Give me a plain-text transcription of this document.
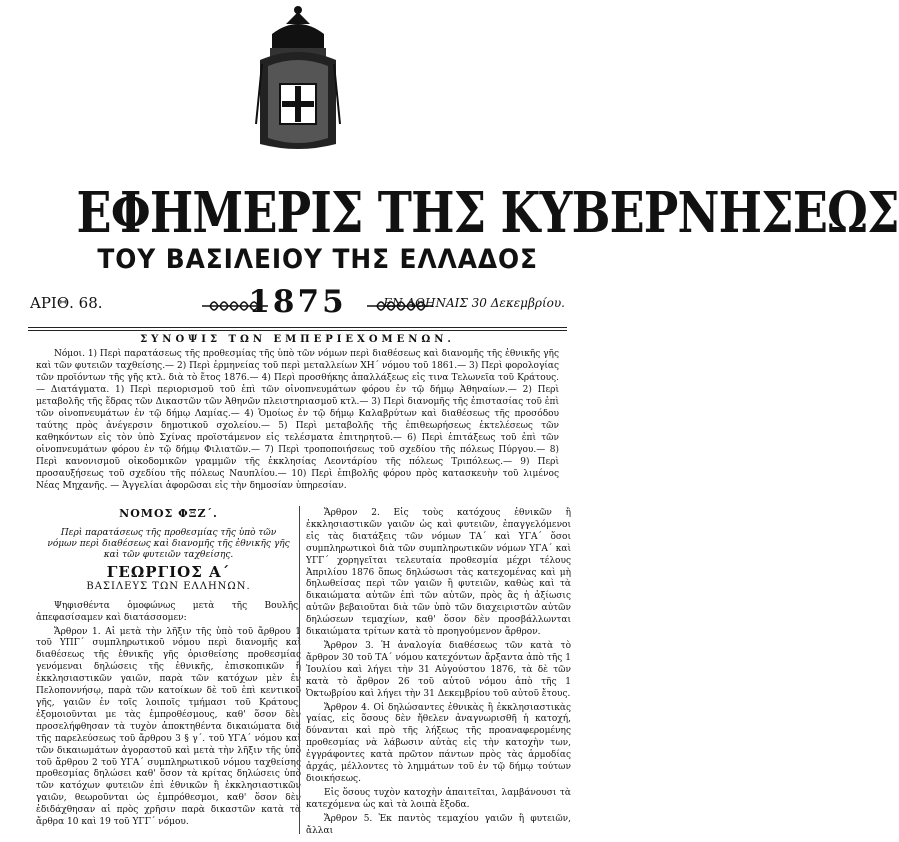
ΕΦΗΜΕΡΙΣ ΤΗΣ ΚΥΒΕΡΝΗΣΕΩΣ
ΤΟΥ ΒΑΣΙΛΕΙΟΥ ΤΗΣ ΕΛΛΑΔΟΣ
ΑΡΙΘ. 68.	1875	ΕΝ ΑΘΗΝΑΙΣ 30 Δεκεμβρίου.
ΣΥΝΟΨΙΣ ΤΩΝ ΕΜΠΕΡΙΕΧΟΜΕΝΩΝ.
Νόμοι. 1) Περὶ παρατάσεως τῆς προθεσμίας τῆς ὑπὸ τῶν νόμων περὶ διαθέσεως καὶ διανομῆς τῆς ἐθνικῆς γῆς καὶ τῶν φυτειῶν ταχθείσης.— 2) Περὶ ἐρμηνείας τοῦ περὶ μεταλλείων ΧΗ΄ νόμου τοῦ 1861.— 3) Περὶ φορολογίας τῶν προϊόντων τῆς γῆς κτλ. διὰ τὸ ἔτος 1876.— 4) Περὶ προσθήκης ἀπαλλάξεως εἰς τινα Τελωνεῖα τοῦ Κράτους. — Διατάγματα. 1) Περὶ περιορισμοῦ τοῦ ἐπὶ τῶν οἰνοπνευμάτων φόρου ἐν τῷ δήμῳ Ἀθηναίων.— 2) Περὶ μεταβολῆς τῆς ἕδρας τῶν Δικαστῶν τῶν Ἀθηνῶν πλειστηριασμοῦ κτλ.— 3) Περὶ διανομῆς τῆς ἐπιστασίας τοῦ ἐπὶ τῶν οἰνοπνευμάτων ἐν τῷ δήμῳ Λαμίας.— 4) Ὁμοίως ἐν τῷ δήμῳ Καλαβρύτων καὶ διαθέσεως τῆς προσόδου ταύτης πρὸς ἀνέγερσιν δημοτικοῦ σχολείου.— 5) Περὶ μεταβολῆς τῆς ἐπιθεωρήσεως ἐκτελέσεως τῶν καθηκόντων εἰς τὸν ὑπὸ Σχίνας προϊστάμενον εἰς τελέσματα ἐπιτηρητοῦ.— 6) Περὶ ἐπιτάξεως τοῦ ἐπὶ τῶν οἰνοπνευμάτων φόρου ἐν τῷ δήμῳ Φιλιατῶν.— 7) Περὶ τροποποιήσεως τοῦ σχεδίου τῆς πόλεως Πύργου.— 8) Περὶ κανονισμοῦ οἰκοδομικῶν γραμμῶν τῆς ἐκκλησίας Λεοντάρίου τῆς πόλεως Τριπόλεως.— 9) Περὶ προσαυξήσεως τοῦ σχεδίου τῆς πόλεως Ναυπλίου.— 10) Περὶ ἐπιβολῆς φόρου πρὸς κατασκευὴν τοῦ λιμένος Νέας Μηχανῆς. — Ἀγγελίαι ἀφορῶσαι εἰς τὴν δημοσίαν ὑπηρεσίαν.
ΝΟΜΟΣ ΦΞΖ΄.
Περὶ παρατάσεως τῆς προθεσμίας τῆς ὑπὸ τῶν νόμων περὶ διαθέσεως καὶ διανομῆς τῆς ἐθνικῆς γῆς καὶ τῶν φυτειῶν ταχθείσης.
ΓΕΩΡΓΙΟΣ Α΄
ΒΑΣΙΛΕΥΣ ΤΩΝ ΕΛΛΗΝΩΝ.

Ψηφισθέντα ὁμοφώνως μετὰ τῆς Βουλῆς, ἀπεφασίσαμεν καὶ διατάσσομεν:

Ἄρθρον 1. Αἱ μετὰ τὴν λῆξιν τῆς ὑπὸ τοῦ ἄρθρου 1 τοῦ ΥΠΓ΄ συμπληρωτικοῦ νόμου περὶ διανομῆς καὶ διαθέσεως τῆς ἐθνικῆς γῆς ὁρισθείσης προθεσμίας γενόμεναι δηλώσεις τῆς ἐθνικῆς, ἐπισκοπικῶν ἢ ἐκκλησιαστικῶν γαιῶν, παρὰ τῶν κατόχων μὲν ἐν Πελοποννήσῳ, παρὰ τῶν κατοίκων δὲ τοῦ ἐπὶ κεντικοῦ γῆς, γαιῶν ἐν τοῖς λοιποῖς τμήμασι τοῦ Κράτους, ἐξομοιοῦνται με τὰς ἐμπροθέσμους, καθ' ὅσον δὲν προσελήφθησαν τὰ τυχὸν ἀποκτηθέντα δικαιώματα διὰ τῆς παρελεύσεως τοῦ ἄρθρου 3 § γ΄. τοῦ ΥΓΑ΄ νόμου καὶ τῶν δικαιωμάτων ἀγοραστοῦ καὶ μετὰ τὴν λῆξιν τῆς ὑπὸ τοῦ ἄρθρου 2 τοῦ ΥΓΑ΄ συμπληρωτικοῦ νόμου ταχθείσης προθεσμίας δηλώσει καθ' ὅσον τὰ κρίτας δηλώσεις ὑπὸ τῶν κατόχων φυτειῶν ἐπὶ ἐθνικῶν ἢ ἐκκλησιαστικῶν γαιῶν, θεωροῦνται ὡς ἐμπρόθεσμοι, καθ' ὅσον δὲν ἐδιδάχθησαν αἱ πρὸς χρῆσιν παρὰ δικαστῶν κατὰ τὰ ἄρθρα 10 καὶ 19 τοῦ ΥΓΓ΄ νόμου.

Ἄρθρον 2. Εἰς τοὺς κατόχους ἐθνικῶν ἢ ἐκκλησιαστικῶν γαιῶν ὡς καὶ φυτειῶν, ἐπαγγελόμενοι εἰς τὰς διατάξεις τῶν νόμων ΤΑ΄ καὶ ΥΓΑ΄ ὅσοι συμπληρωτικοὶ διὰ τῶν συμπληρωτικῶν νόμων ΥΓΑ΄ καὶ ΥΓΓ΄ χορηγεῖται τελευταία προθεσμία μέχρι τέλους Ἀπριλίου 1876 ὅπως δηλώσωσι τὰς κατεχομένας καὶ μὴ δηλωθείσας περὶ τῶν γαιῶν ἢ φυτειῶν, καθὼς καὶ τὰ δικαιώματα αὐτῶν ἐπὶ τῶν αὐτῶν, πρὸς ἃς ἡ ἀξίωσις αὐτῶν βεβαιοῦται διὰ τῶν ὑπὸ τῶν διαχειριστῶν αὐτῶν δηλώσεων τεμαχίων, καθ' ὅσον δὲν προσβάλλωνται δικαιώματα τρίτων κατὰ τὸ προηγούμενον ἄρθρον.

Ἄρθρον 3. Ἡ ἀναλογία διαθέσεως τῶν κατὰ τὸ ἄρθρον 30 τοῦ ΤΑ΄ νόμου κατεχόντων ἄρξαντα ἀπὸ τῆς 1 Ἰουλίου καὶ λήγει τὴν 31 Αὐγούστου 1876, τὰ δὲ τῶν κατὰ τὸ ἄρθρον 26 τοῦ αὐτοῦ νόμου ἀπὸ τῆς 1 Ὀκτωβρίου καὶ λήγει τὴν 31 Δεκεμβρίου τοῦ αὐτοῦ ἔτους.

Ἄρθρον 4. Οἱ δηλώσαντες ἐθνικὰς ἢ ἐκκλησιαστικὰς γαίας, εἰς ὅσους δὲν ἤθελεν ἀναγνωρισθῆ ἡ κατοχή, δύνανται καὶ πρὸ τῆς λήξεως τῆς προαναφερομένης προθεσμίας νὰ λάβωσιν αὐτὰς εἰς τὴν κατοχὴν των, ἐγγράφοντες κατὰ πρῶτον πάντων πρὸς τὰς ἁρμοδίας ἀρχάς, μέλλοντες τὸ λημμάτων τοῦ ἐν τῷ δήμῳ τούτων διοικήσεως.

Εἰς ὅσους τυχὸν κατοχὴν ἀπαιτεῖται, λαμβάνουσι τὰ κατεχόμενα ὡς καὶ τὰ λοιπὰ ἔξοδα.

Ἄρθρον 5. Ἐκ παντὸς τεμαχίου γαιῶν ἢ φυτειῶν, ἄλλαι
